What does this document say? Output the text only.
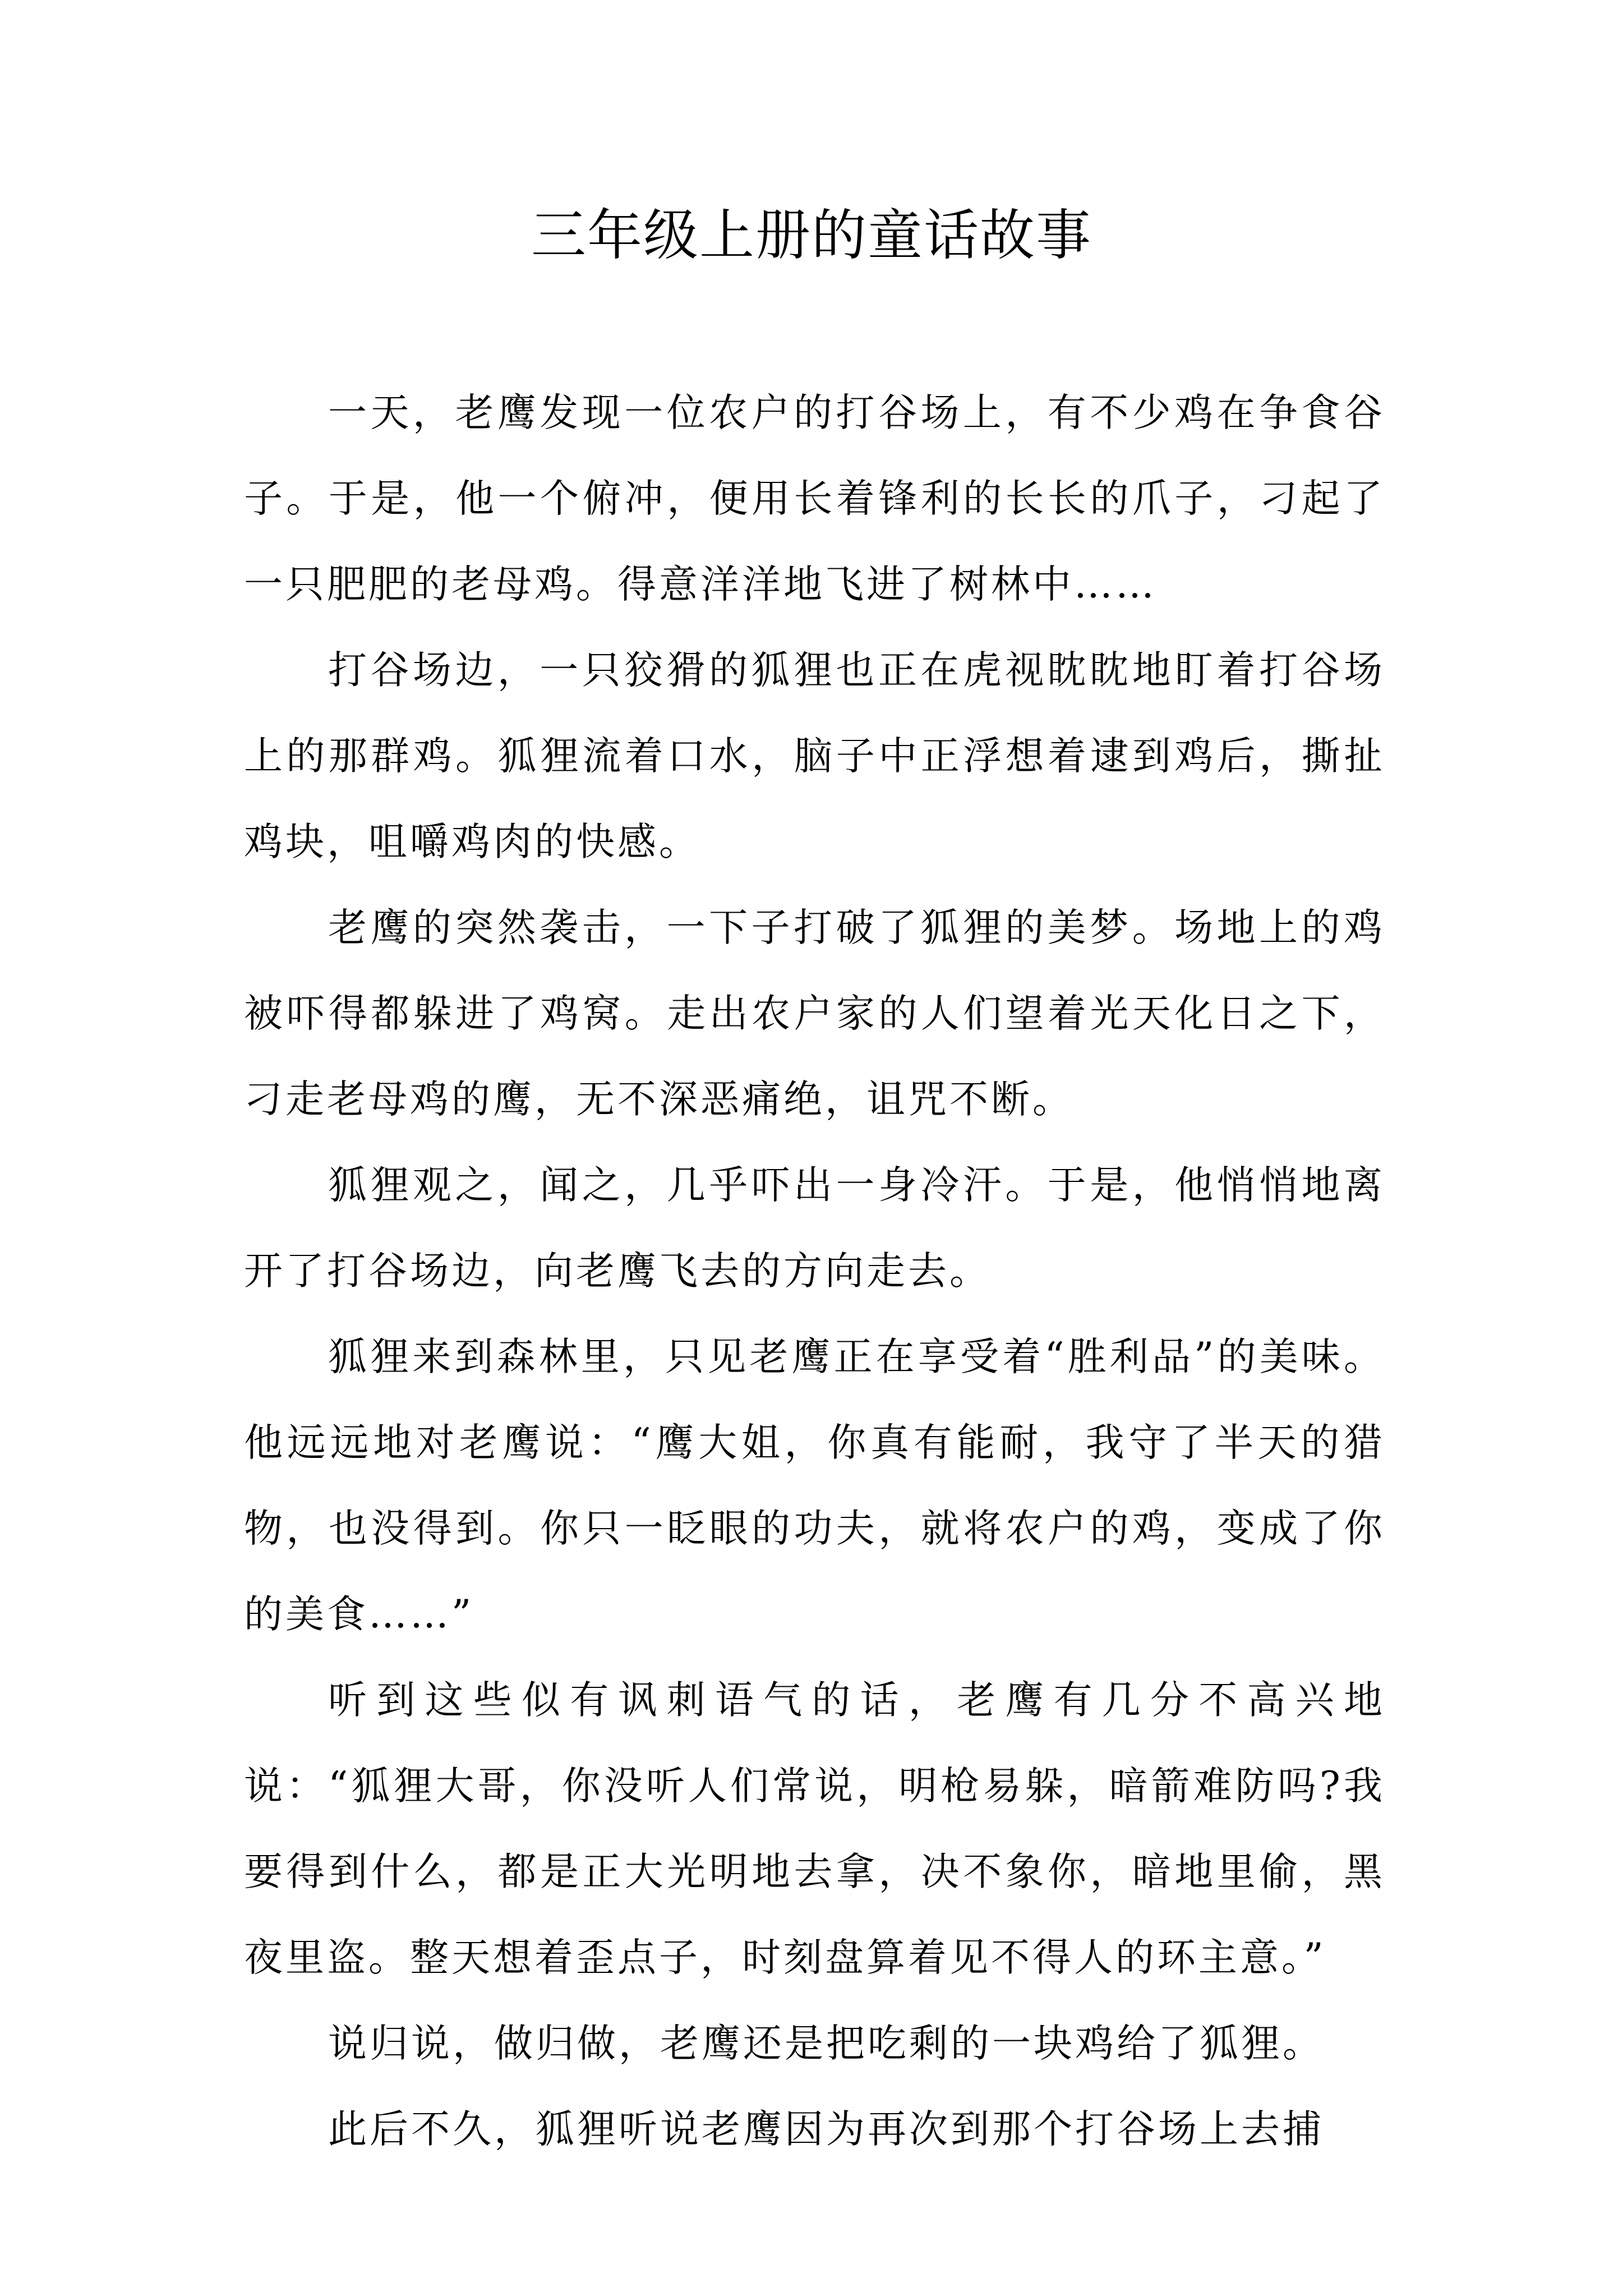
三年级上册的童话故事

一天，老鹰发现一位农户的打谷场上，有不少鸡在争食谷子。于是，他一个俯冲，便用长着锋利的长长的爪子，刁起了一只肥肥的老母鸡。得意洋洋地飞进了树林中……

打谷场边，一只狡猾的狐狸也正在虎视眈眈地盯着打谷场上的那群鸡。狐狸流着口水，脑子中正浮想着逮到鸡后，撕扯鸡块，咀嚼鸡肉的快感。

老鹰的突然袭击，一下子打破了狐狸的美梦。场地上的鸡被吓得都躲进了鸡窝。走出农户家的人们望着光天化日之下，刁走老母鸡的鹰，无不深恶痛绝，诅咒不断。

狐狸观之，闻之，几乎吓出一身冷汗。于是，他悄悄地离开了打谷场边，向老鹰飞去的方向走去。

狐狸来到森林里，只见老鹰正在享受着“胜利品”的美味。他远远地对老鹰说：“鹰大姐，你真有能耐，我守了半天的猎物，也没得到。你只一眨眼的功夫，就将农户的鸡，变成了你的美食……”

听到这些似有讽刺语气的话，老鹰有几分不高兴地说：“狐狸大哥，你没听人们常说，明枪易躲，暗箭难防吗?我要得到什么，都是正大光明地去拿，决不象你，暗地里偷，黑夜里盗。整天想着歪点子，时刻盘算着见不得人的环主意。”

说归说，做归做，老鹰还是把吃剩的一块鸡给了狐狸。

此后不久，狐狸听说老鹰因为再次到那个打谷场上去捕
